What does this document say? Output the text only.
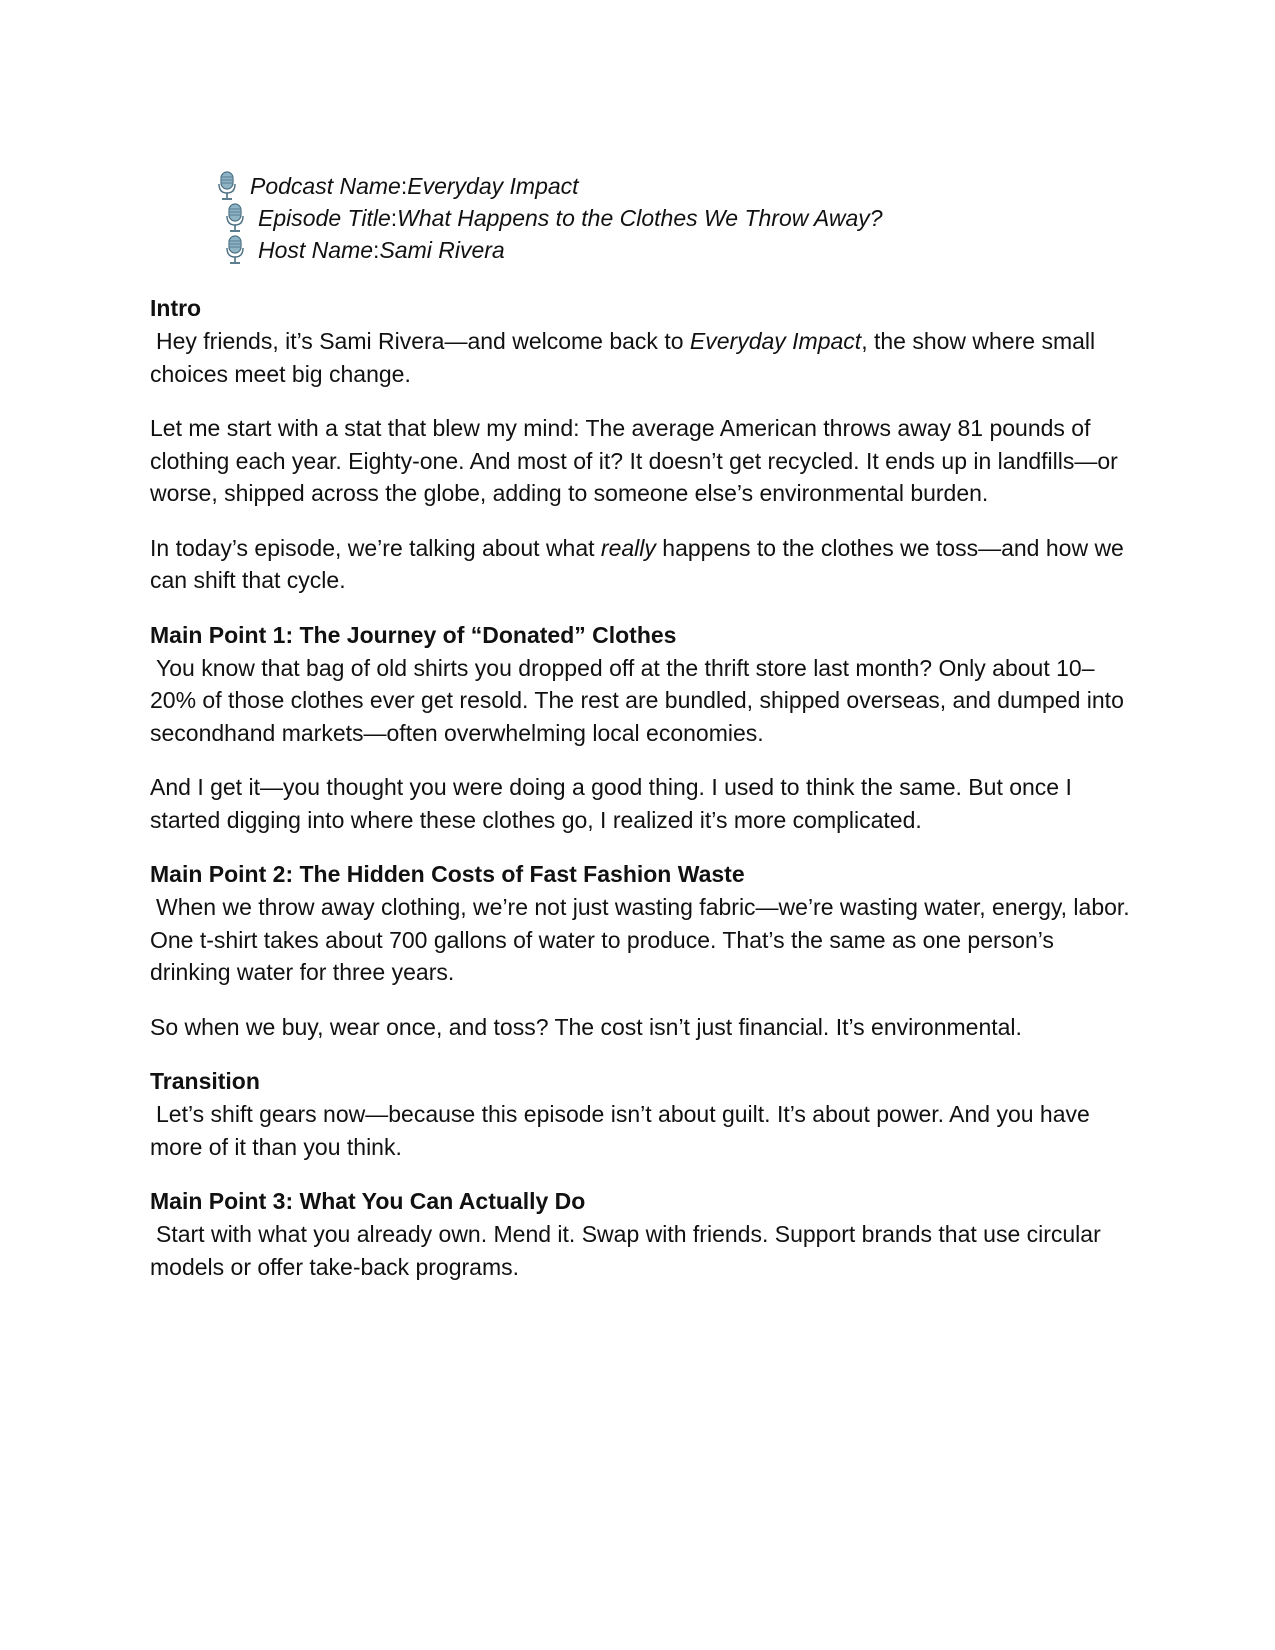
Podcast Name : Everyday Impact
Episode Title : What Happens to the Clothes We Throw Away?
Host Name : Sami Rivera
Intro

Hey friends, it’s Sami Rivera—and welcome back to Everyday Impact, the show where small choices meet big change.

Let me start with a stat that blew my mind: The average American throws away 81 pounds of clothing each year. Eighty-one. And most of it? It doesn’t get recycled. It ends up in landfills—or worse, shipped across the globe, adding to someone else’s environmental burden.

In today’s episode, we’re talking about what really happens to the clothes we toss—and how we can shift that cycle.

Main Point 1: The Journey of “Donated” Clothes

You know that bag of old shirts you dropped off at the thrift store last month? Only about 10–20% of those clothes ever get resold. The rest are bundled, shipped overseas, and dumped into secondhand markets—often overwhelming local economies.

And I get it—you thought you were doing a good thing. I used to think the same. But once I started digging into where these clothes go, I realized it’s more complicated.

Main Point 2: The Hidden Costs of Fast Fashion Waste

When we throw away clothing, we’re not just wasting fabric—we’re wasting water, energy, labor. One t-shirt takes about 700 gallons of water to produce. That’s the same as one person’s drinking water for three years.

So when we buy, wear once, and toss? The cost isn’t just financial. It’s environmental.

Transition

Let’s shift gears now—because this episode isn’t about guilt. It’s about power. And you have more of it than you think.

Main Point 3: What You Can Actually Do

Start with what you already own. Mend it. Swap with friends. Support brands that use circular models or offer take-back programs.
